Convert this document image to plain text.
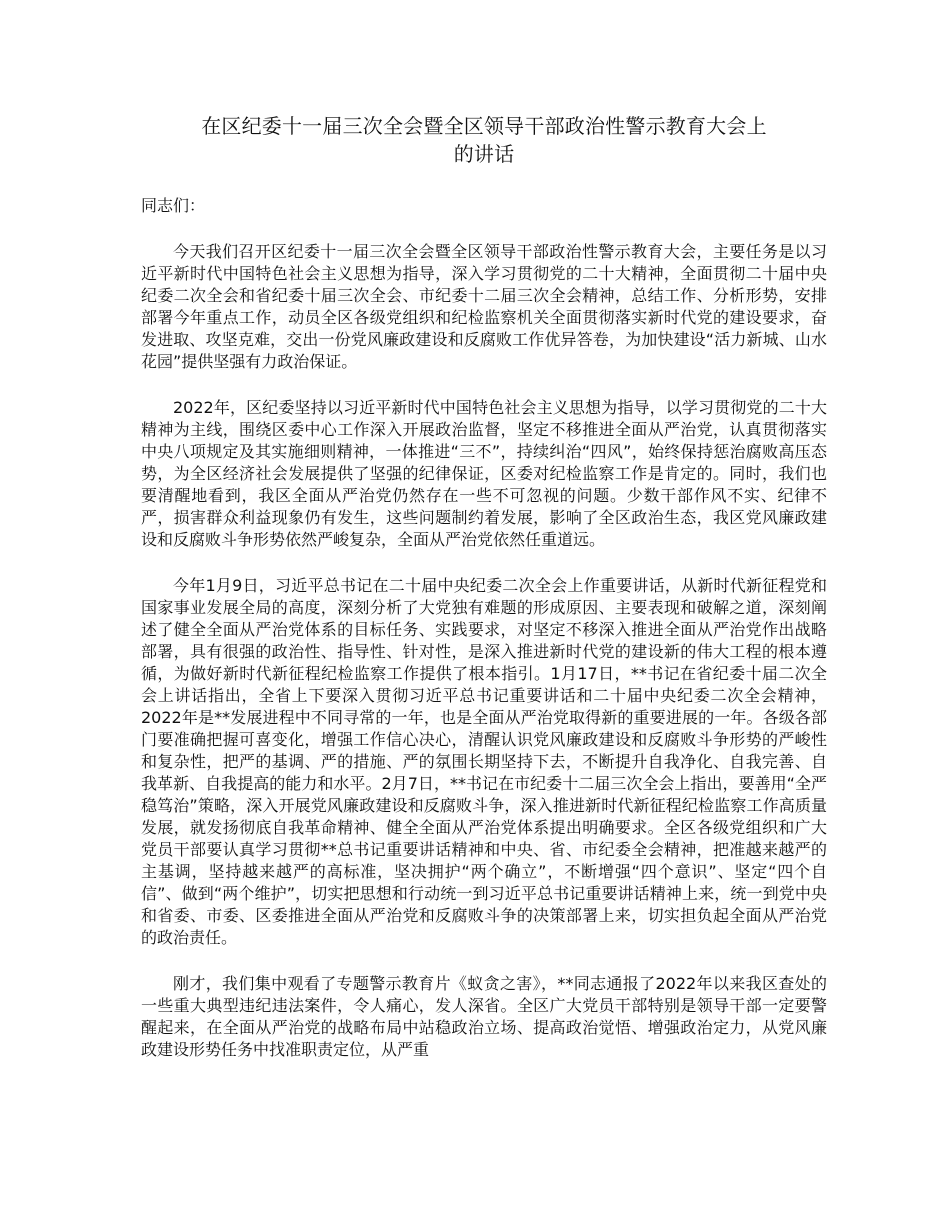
在区纪委十一届三次全会暨全区领导干部政治性警示教育大会上
的讲话
同志们：

今天我们召开区纪委十一届三次全会暨全区领导干部政治性警示教育大会，主要任务是以习近平新时代中国特色社会主义思想为指导，深入学习贯彻党的二十大精神，全面贯彻二十届中央纪委二次全会和省纪委十届三次全会、市纪委十二届三次全会精神，总结工作、分析形势，安排部署今年重点工作，动员全区各级党组织和纪检监察机关全面贯彻落实新时代党的建设要求，奋发进取、攻坚克难，交出一份党风廉政建设和反腐败工作优异答卷，为加快建设“活力新城、山水花园”提供坚强有力政治保证。

2022年，区纪委坚持以习近平新时代中国特色社会主义思想为指导，以学习贯彻党的二十大精神为主线，围绕区委中心工作深入开展政治监督，坚定不移推进全面从严治党，认真贯彻落实中央八项规定及其实施细则精神，一体推进“三不”，持续纠治“四风”，始终保持惩治腐败高压态势，为全区经济社会发展提供了坚强的纪律保证，区委对纪检监察工作是肯定的。同时，我们也要清醒地看到，我区全面从严治党仍然存在一些不可忽视的问题。少数干部作风不实、纪律不严，损害群众利益现象仍有发生，这些问题制约着发展，影响了全区政治生态，我区党风廉政建设和反腐败斗争形势依然严峻复杂，全面从严治党依然任重道远。

今年1月9日，习近平总书记在二十届中央纪委二次全会上作重要讲话，从新时代新征程党和国家事业发展全局的高度，深刻分析了大党独有难题的形成原因、主要表现和破解之道，深刻阐述了健全全面从严治党体系的目标任务、实践要求，对坚定不移深入推进全面从严治党作出战略部署，具有很强的政治性、指导性、针对性，是深入推进新时代党的建设新的伟大工程的根本遵循，为做好新时代新征程纪检监察工作提供了根本指引。1月17日，**书记在省纪委十届二次全会上讲话指出，全省上下要深入贯彻习近平总书记重要讲话和二十届中央纪委二次全会精神，2022年是**发展进程中不同寻常的一年，也是全面从严治党取得新的重要进展的一年。各级各部门要准确把握可喜变化，增强工作信心决心，清醒认识党风廉政建设和反腐败斗争形势的严峻性和复杂性，把严的基调、严的措施、严的氛围长期坚持下去，不断提升自我净化、自我完善、自我革新、自我提高的能力和水平。2月7日，**书记在市纪委十二届三次全会上指出，要善用“全严稳笃治”策略，深入开展党风廉政建设和反腐败斗争，深入推进新时代新征程纪检监察工作高质量发展，就发扬彻底自我革命精神、健全全面从严治党体系提出明确要求。全区各级党组织和广大党员干部要认真学习贯彻**总书记重要讲话精神和中央、省、市纪委全会精神，把准越来越严的主基调，坚持越来越严的高标准，坚决拥护“两个确立”，不断增强“四个意识”、坚定“四个自信”、做到“两个维护”，切实把思想和行动统一到习近平总书记重要讲话精神上来，统一到党中央和省委、市委、区委推进全面从严治党和反腐败斗争的决策部署上来，切实担负起全面从严治党的政治责任。

刚才，我们集中观看了专题警示教育片《蚁贪之害》，**同志通报了2022年以来我区查处的一些重大典型违纪违法案件，令人痛心，发人深省。全区广大党员干部特别是领导干部一定要警醒起来，在全面从严治党的战略布局中站稳政治立场、提高政治觉悟、增强政治定力，从党风廉政建设形势任务中找准职责定位，从严重
